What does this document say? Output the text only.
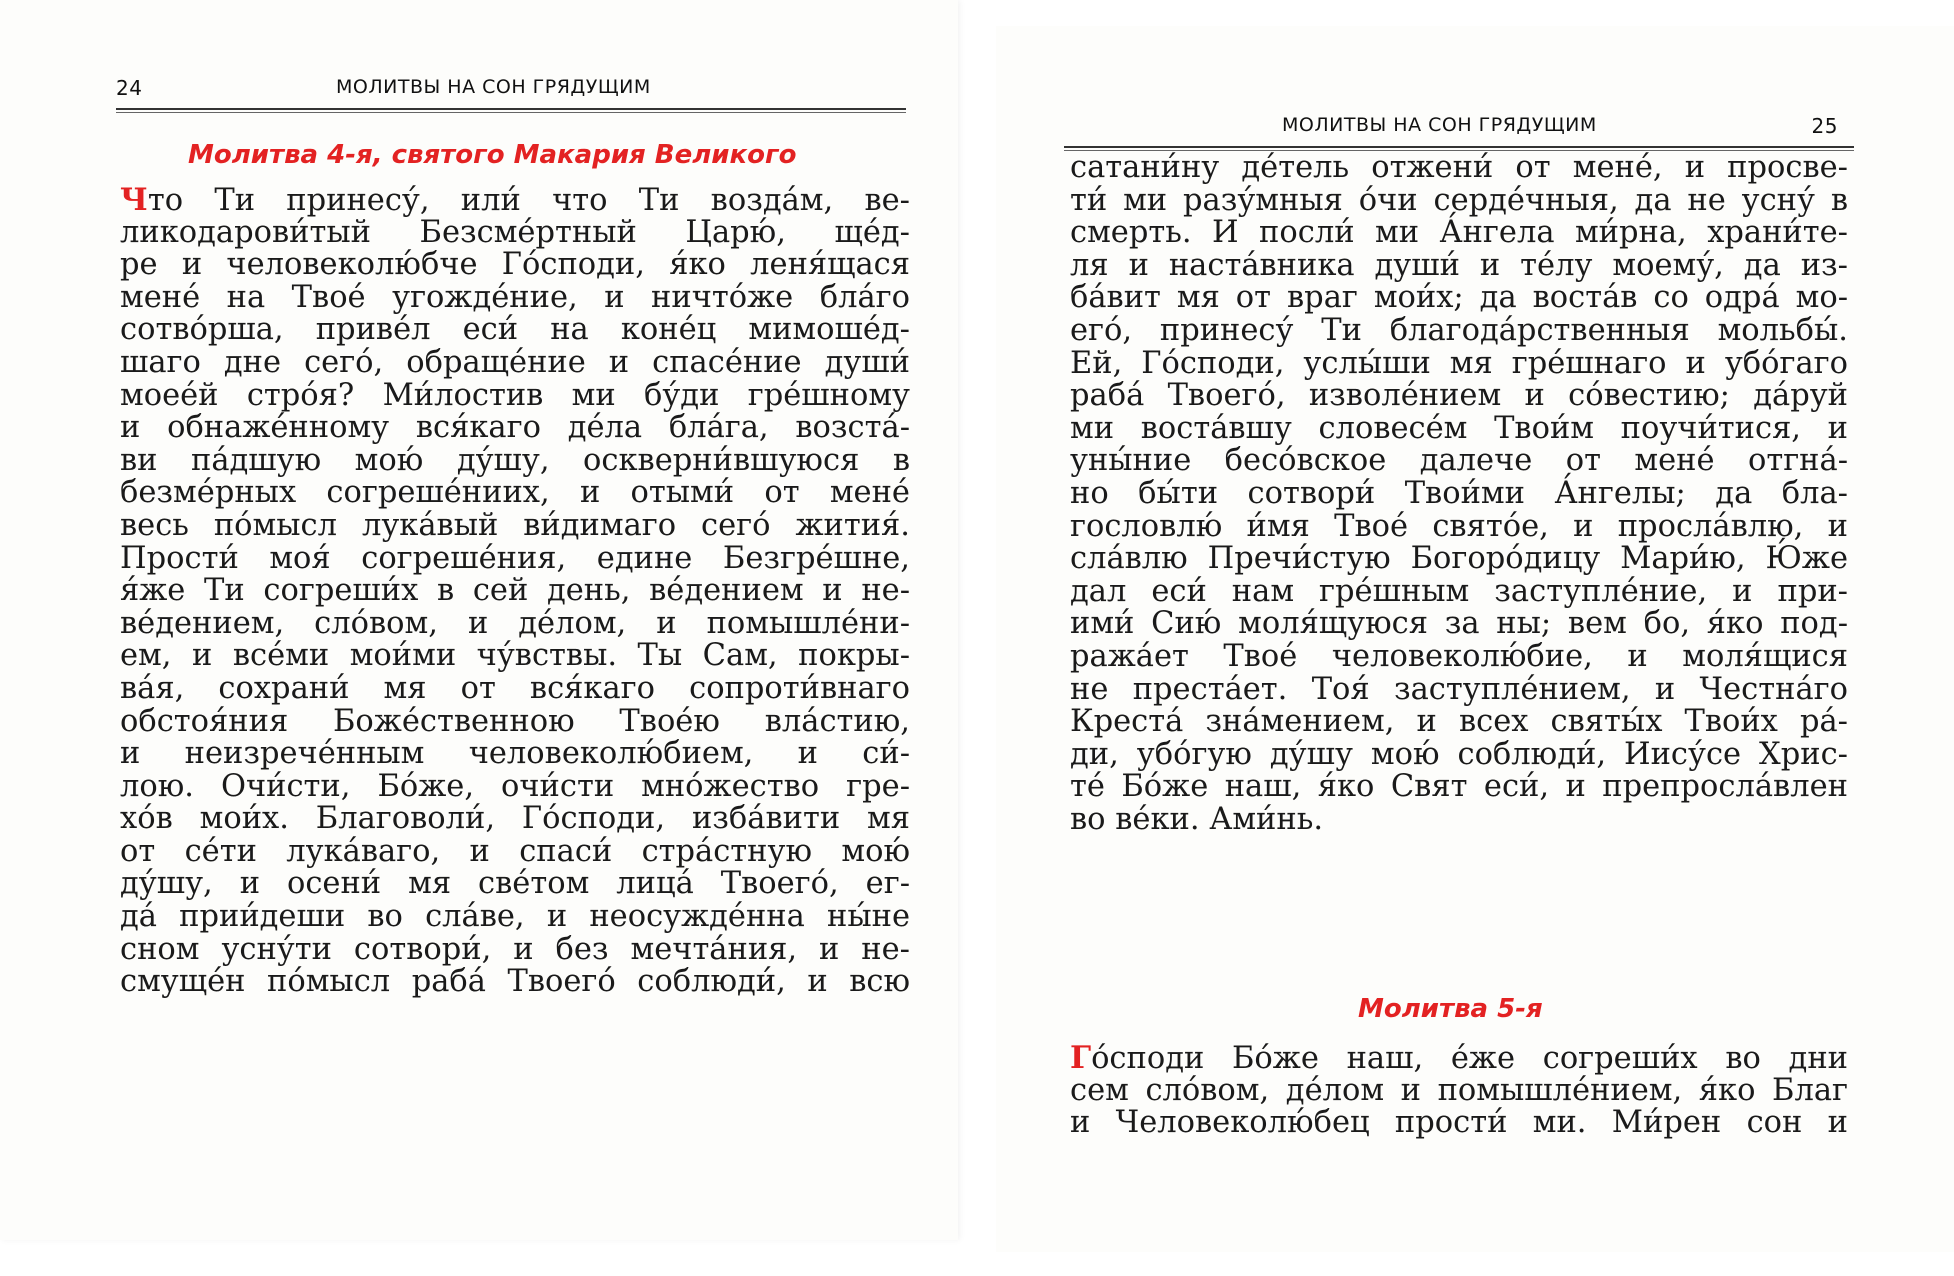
24	МОЛИТВЫ НА СОН ГРЯДУЩИМ
Молитва 4-я, святого Макария Великого
Что Ти принесу́, или́ что Ти возда́м, ве-
ликодарови́тый Безсме́ртный Царю́, щéд-
ре и человеколю́бче Го́споди, я́ко леня́щася
мене́ на Твое́ угожде́ние, и ничто́же бла́го
сотво́рша, приве́л еси́ на коне́ц мимоше́д-
шаго дне сего́, обраще́ние и спасе́ние души́
моее́й стро́я? Ми́лостив ми бу́ди гре́шному
и обнаже́нному вся́каго де́ла бла́га, возста́-
ви па́дшую мою́ ду́шу, оскверни́вшуюся в
безме́рных согреше́ниих, и отыми́ от мене́
весь по́мысл лука́вый ви́димаго сего́ жития́.
Прости́ моя́ согреше́ния, едине Безгре́шне,
я́же Ти согреши́х в сей день, ве́дением и не-
ве́дением, сло́вом, и де́лом, и помышле́ни-
ем, и все́ми мои́ми чу́вствы. Ты Сам, покры-
ва́я, сохрани́ мя от вся́каго сопроти́внаго
обстоя́ния Боже́ственною Твое́ю вла́стию,
и неизрече́нным человеколю́бием, и си́-
лою. Очи́сти, Бо́же, очи́сти мно́жество гре-
хо́в мои́х. Благоволи́, Го́споди, изба́вити мя
от се́ти лука́ваго, и спаси́ стра́стную мою́
ду́шу, и осени́ мя све́том лица́ Твоего́, ег-
да́ прии́деши во сла́ве, и неосужде́нна ны́не
сном усну́ти сотвори́, и без мечта́ния, и не-
смуще́н по́мысл раба́ Твоего́ соблюди́, и всю
МОЛИТВЫ НА СОН ГРЯДУЩИМ	25
сатани́ну де́тель отжени́ от мене́, и просве-
ти́ ми разу́мныя о́чи серде́чныя, да не усну́ в
смерть. И посли́ ми А́нгела ми́рна, храни́те-
ля и наста́вника души́ и те́лу моему́, да из-
ба́вит мя от враг мои́х; да воста́в со одра́ мо-
его́, принесу́ Ти благода́рственныя мольбы́.
Ей, Го́споди, услы́ши мя гре́шнаго и убо́гаго
раба́ Твоего́, изволе́нием и со́вестию; да́руй
ми воста́вшу словесе́м Твои́м поучи́тися, и
уны́ние бесо́вское далече от мене́ отгна́-
но бы́ти сотвори́ Твои́ми А́нгелы; да бла-
гословлю́ и́мя Твое́ свято́е, и просла́влю, и
сла́влю Пречи́стую Богоро́дицу Мари́ю, Ю́же
дал еси́ нам гре́шным заступле́ние, и при-
ими́ Сию́ моля́щуюся за ны; вем бо, я́ко под-
ража́ет Твое́ человеколю́бие, и моля́щися
не преста́ет. Тоя́ заступле́нием, и Честна́го
Креста́ зна́мением, и всех святы́х Твои́х ра́-
ди, убо́гую ду́шу мою́ соблюди́, Иису́се Хрис-
те́ Бо́же наш, я́ко Свят еси́, и препросла́влен
во ве́ки. Ами́нь.
Молитва 5-я
Го́споди Бо́же наш, е́же согреши́х во дни
сем сло́вом, де́лом и помышле́нием, я́ко Благ
и Человеколю́бец прости́ ми. Ми́рен сон и
